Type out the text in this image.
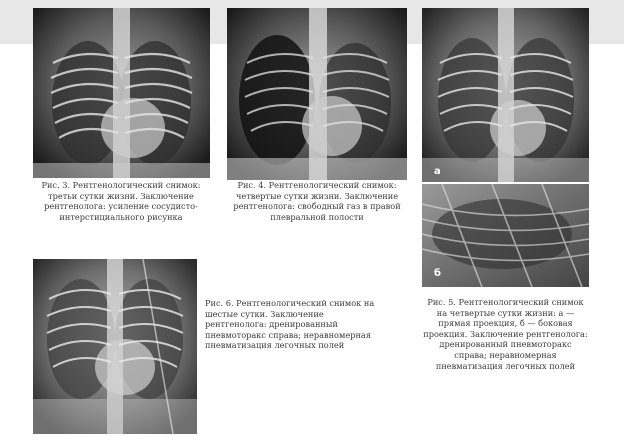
Рис. 3. Рентгенологический снимок: третьи сутки жизни. Заключение рентгенолога: усиление сосудисто-интерстициального рисунка
Рис. 4. Рентгенологический снимок: четвертые сутки жизни. Заключение рентгенолога: свободный газ в правой плевральной полости
а
б
Рис. 5. Рентгенологический снимок на четвертые сутки жизни: а — прямая проекция, б — боковая проекция. Заключение рентгенолога: дренированный пневмоторакс справа; неравномерная пневматизация легочных полей
Рис. 6. Рентгенологический снимок на шестые сутки. Заключение рентгенолога: дренированный пневмоторакс справа; неравномерная пневматизация легочных полей
